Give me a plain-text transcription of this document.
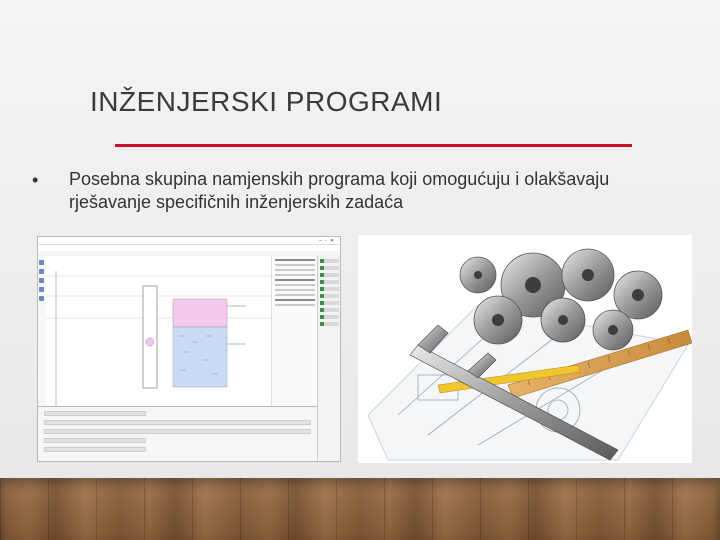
INŽENJERSKI PROGRAMI
• Posebna skupina namjenskih programa koji omogućuju i olakšavaju rješavanje specifičnih inženjerskih zadaća
–▫✕
